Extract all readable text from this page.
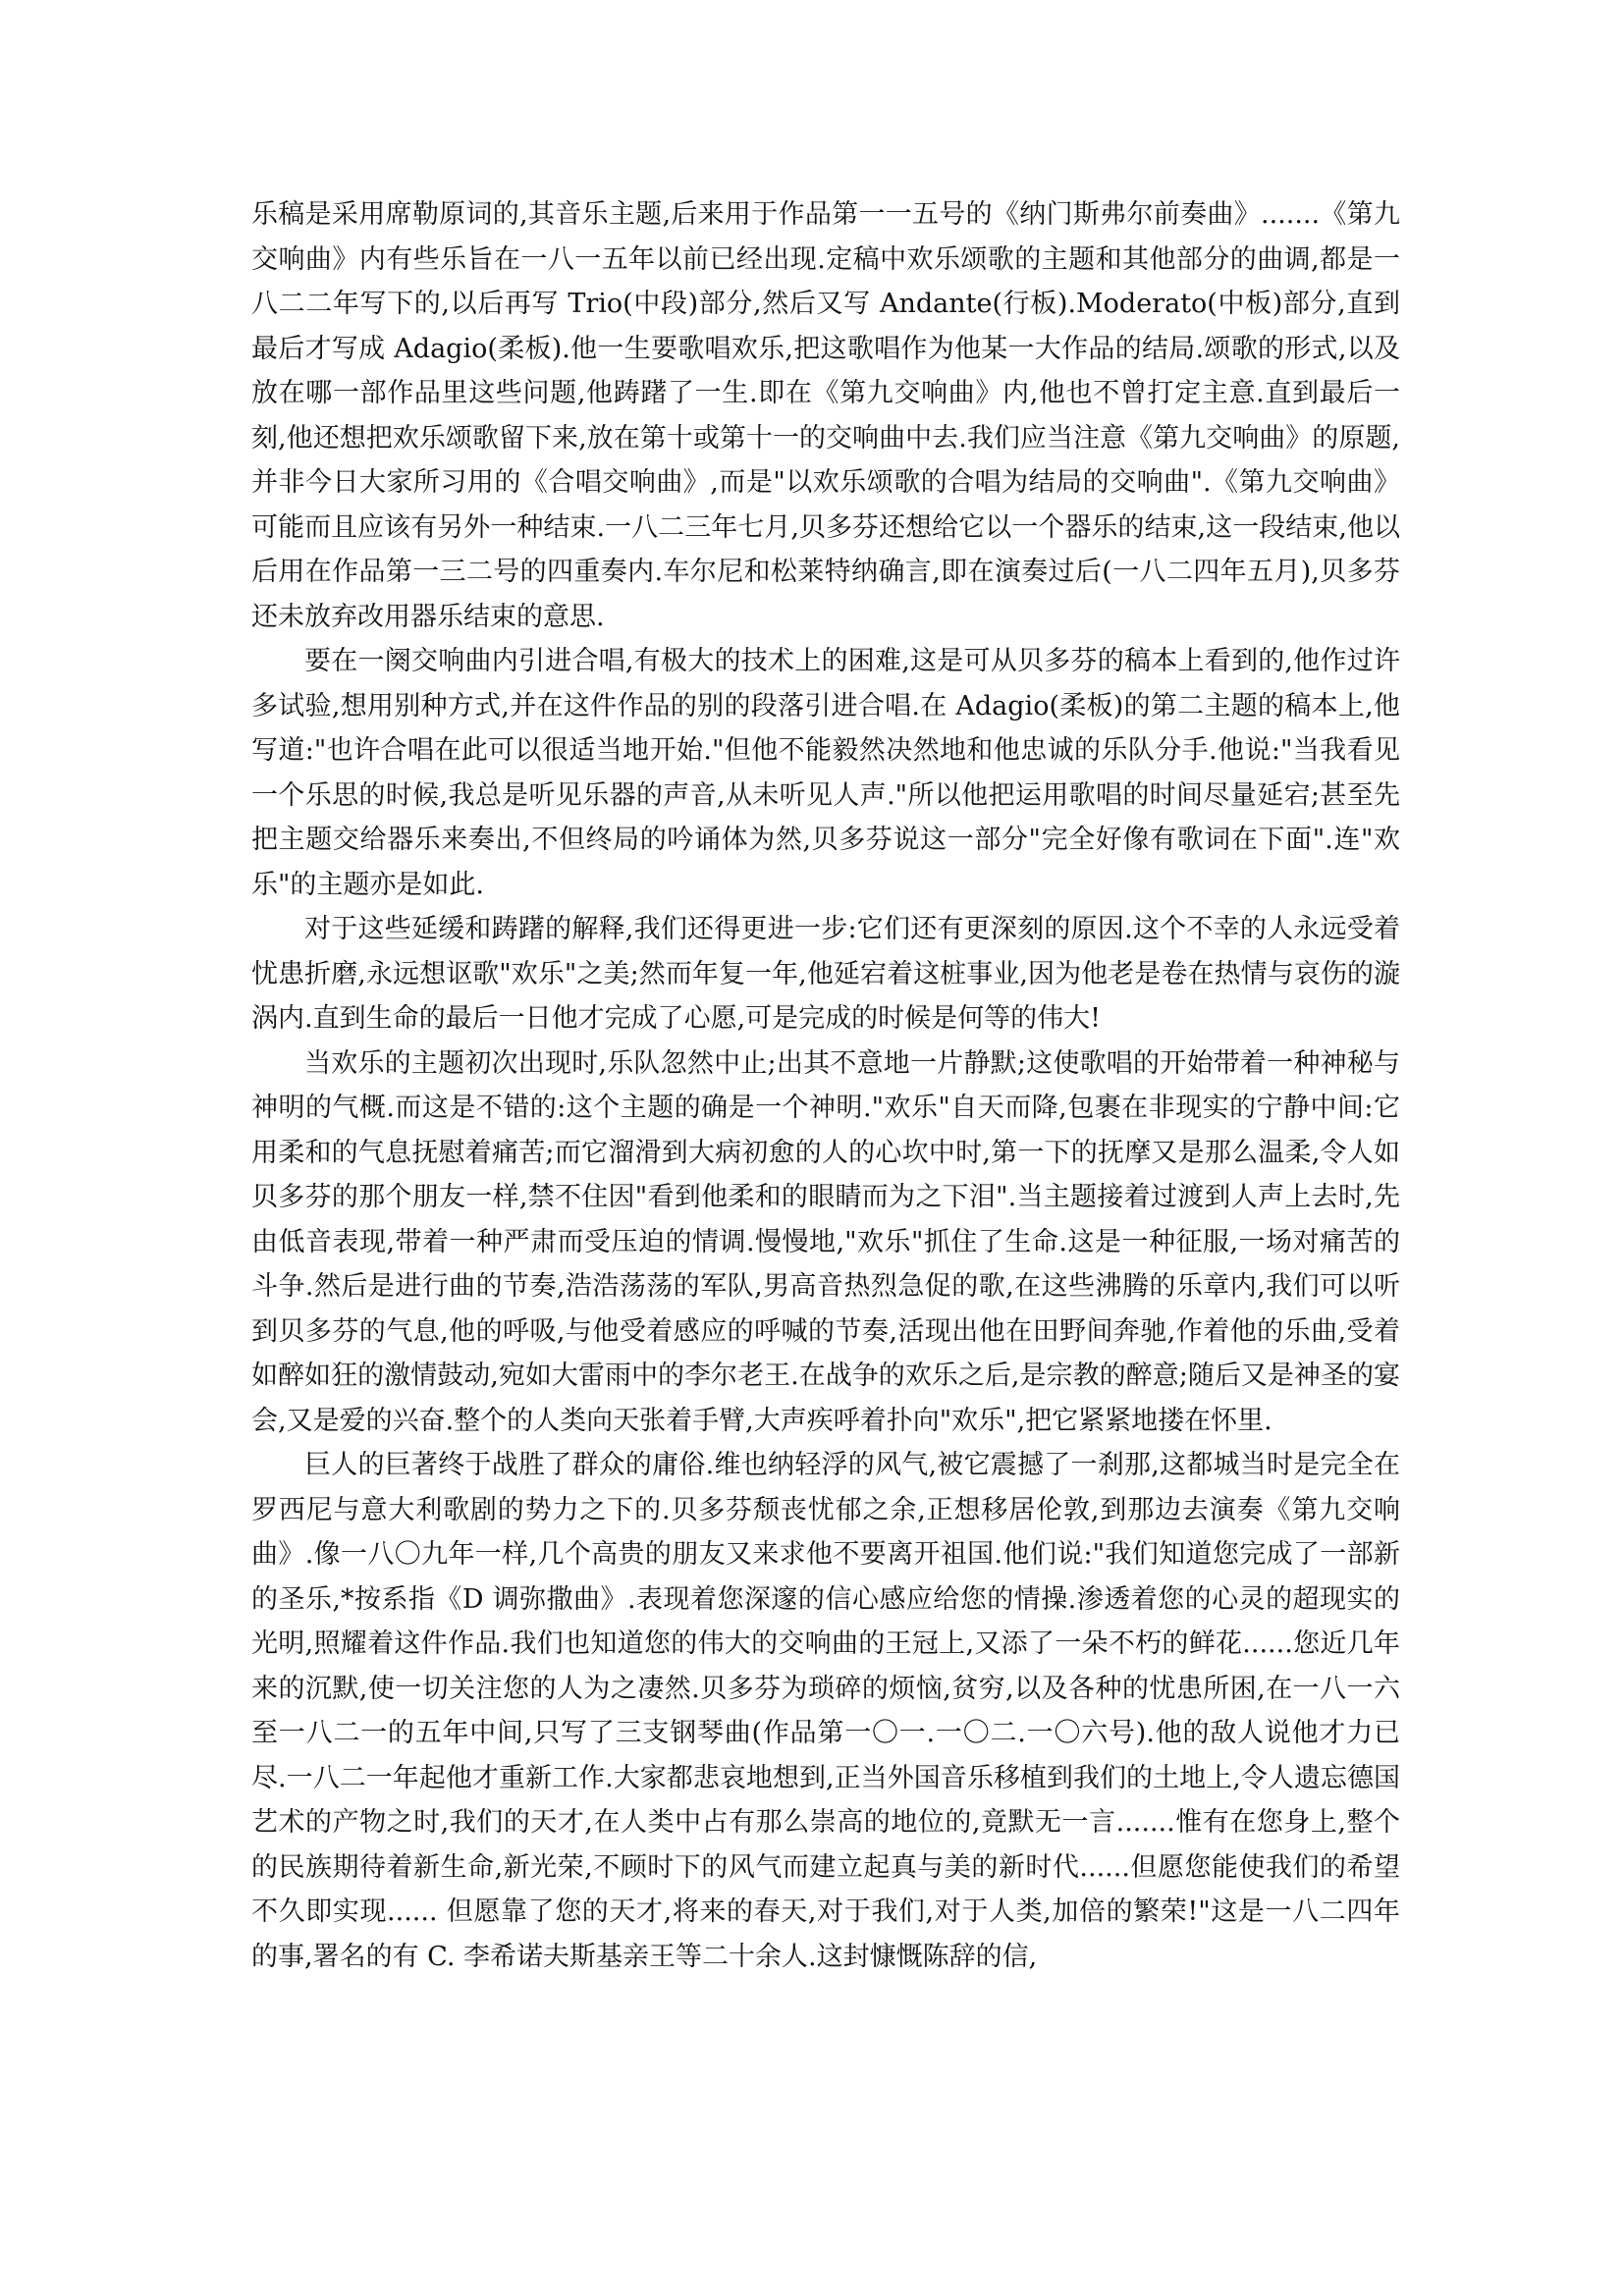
乐稿是采用席勒原词的,其音乐主题,后来用于作品第一一五号的《纳门斯弗尔前奏曲》.......《第九交响曲》内有些乐旨在一八一五年以前已经出现.定稿中欢乐颂歌的主题和其他部分的曲调,都是一八二二年写下的,以后再写 Trio(中段)部分,然后又写 Andante(行板).Moderato(中板)部分,直到最后才写成 Adagio(柔板).他一生要歌唱欢乐,把这歌唱作为他某一大作品的结局.颂歌的形式,以及放在哪一部作品里这些问题,他踌躇了一生.即在《第九交响曲》内,他也不曾打定主意.直到最后一刻,他还想把欢乐颂歌留下来,放在第十或第十一的交响曲中去.我们应当注意《第九交响曲》的原题,并非今日大家所习用的《合唱交响曲》,而是"以欢乐颂歌的合唱为结局的交响曲".《第九交响曲》可能而且应该有另外一种结束.一八二三年七月,贝多芬还想给它以一个器乐的结束,这一段结束,他以后用在作品第一三二号的四重奏内.车尔尼和松莱特纳确言,即在演奏过后(一八二四年五月),贝多芬还未放弃改用器乐结束的意思.

要在一阕交响曲内引进合唱,有极大的技术上的困难,这是可从贝多芬的稿本上看到的,他作过许多试验,想用别种方式,并在这件作品的别的段落引进合唱.在 Adagio(柔板)的第二主题的稿本上,他写道:"也许合唱在此可以很适当地开始."但他不能毅然决然地和他忠诚的乐队分手.他说:"当我看见一个乐思的时候,我总是听见乐器的声音,从未听见人声."所以他把运用歌唱的时间尽量延宕;甚至先把主题交给器乐来奏出,不但终局的吟诵体为然,贝多芬说这一部分"完全好像有歌词在下面".连"欢乐"的主题亦是如此.

对于这些延缓和踌躇的解释,我们还得更进一步:它们还有更深刻的原因.这个不幸的人永远受着忧患折磨,永远想讴歌"欢乐"之美;然而年复一年,他延宕着这桩事业,因为他老是卷在热情与哀伤的漩涡内.直到生命的最后一日他才完成了心愿,可是完成的时候是何等的伟大!

当欢乐的主题初次出现时,乐队忽然中止;出其不意地一片静默;这使歌唱的开始带着一种神秘与神明的气概.而这是不错的:这个主题的确是一个神明."欢乐"自天而降,包裹在非现实的宁静中间:它用柔和的气息抚慰着痛苦;而它溜滑到大病初愈的人的心坎中时,第一下的抚摩又是那么温柔,令人如贝多芬的那个朋友一样,禁不住因"看到他柔和的眼睛而为之下泪".当主题接着过渡到人声上去时,先由低音表现,带着一种严肃而受压迫的情调.慢慢地,"欢乐"抓住了生命.这是一种征服,一场对痛苦的斗争.然后是进行曲的节奏,浩浩荡荡的军队,男高音热烈急促的歌,在这些沸腾的乐章内,我们可以听到贝多芬的气息,他的呼吸,与他受着感应的呼喊的节奏,活现出他在田野间奔驰,作着他的乐曲,受着如醉如狂的激情鼓动,宛如大雷雨中的李尔老王.在战争的欢乐之后,是宗教的醉意;随后又是神圣的宴会,又是爱的兴奋.整个的人类向天张着手臂,大声疾呼着扑向"欢乐",把它紧紧地搂在怀里.

巨人的巨著终于战胜了群众的庸俗.维也纳轻浮的风气,被它震撼了一刹那,这都城当时是完全在罗西尼与意大利歌剧的势力之下的.贝多芬颓丧忧郁之余,正想移居伦敦,到那边去演奏《第九交响曲》.像一八〇九年一样,几个高贵的朋友又来求他不要离开祖国.他们说:"我们知道您完成了一部新的圣乐,*按系指《D 调弥撒曲》.表现着您深邃的信心感应给您的情操.渗透着您的心灵的超现实的光明,照耀着这件作品.我们也知道您的伟大的交响曲的王冠上,又添了一朵不朽的鲜花......您近几年来的沉默,使一切关注您的人为之凄然.贝多芬为琐碎的烦恼,贫穷,以及各种的忧患所困,在一八一六至一八二一的五年中间,只写了三支钢琴曲(作品第一〇一.一〇二.一〇六号).他的敌人说他才力已尽.一八二一年起他才重新工作.大家都悲哀地想到,正当外国音乐移植到我们的土地上,令人遗忘德国艺术的产物之时,我们的天才,在人类中占有那么崇高的地位的,竟默无一言.......惟有在您身上,整个的民族期待着新生命,新光荣,不顾时下的风气而建立起真与美的新时代......但愿您能使我们的希望不久即实现...... 但愿靠了您的天才,将来的春天,对于我们,对于人类,加倍的繁荣!"这是一八二四年的事,署名的有 C. 李希诺夫斯基亲王等二十余人.这封慷慨陈辞的信,
